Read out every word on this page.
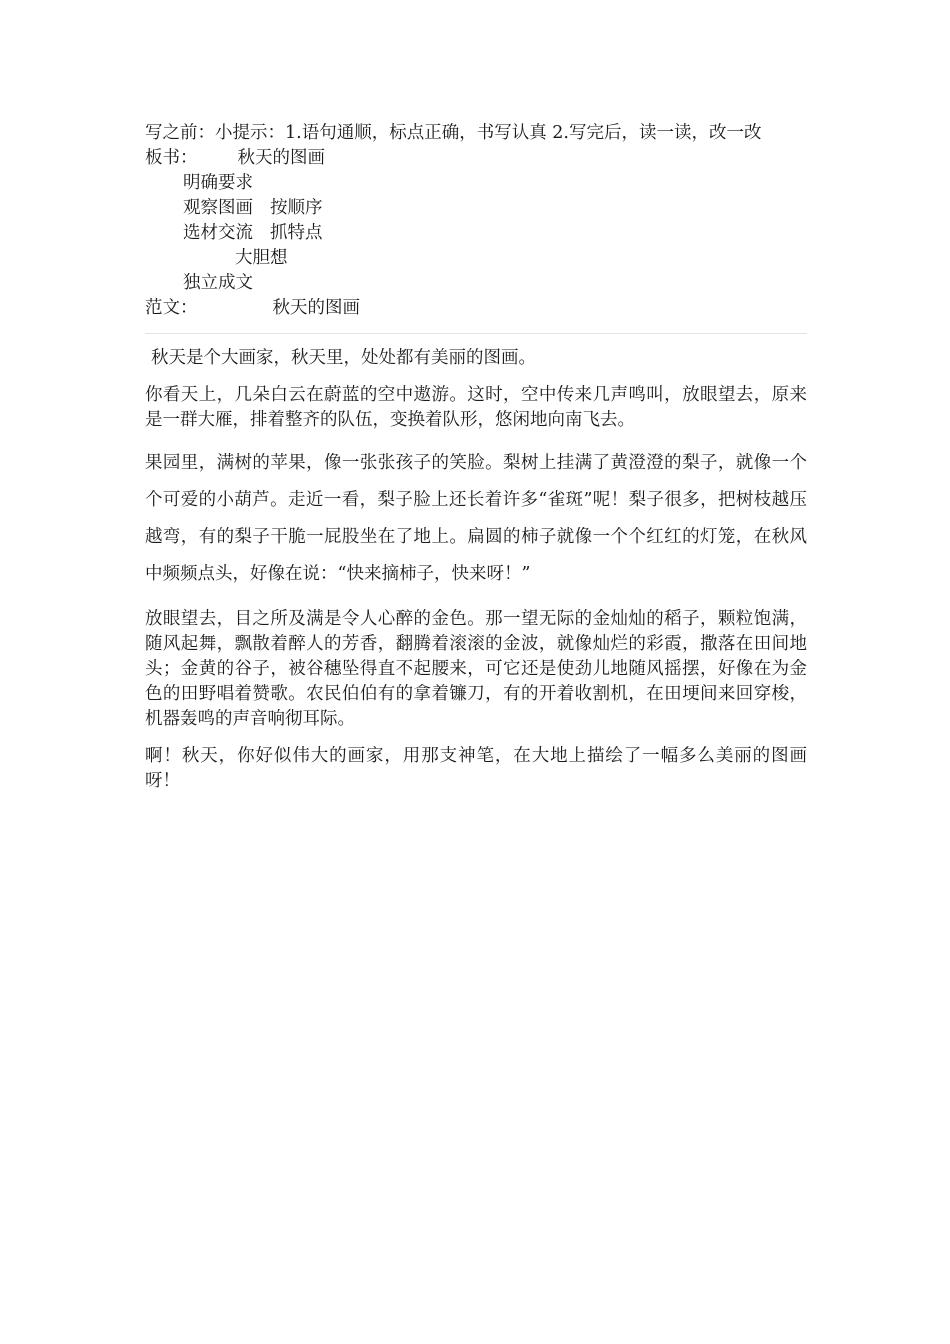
写之前：小提示：1.语句通顺，标点正确，书写认真 2.写完后，读一读，改一改
板书： 秋天的图画
明确要求
观察图画 按顺序
选材交流 抓特点
大胆想
独立成文
范文：	秋天的图画

秋天是个大画家，秋天里，处处都有美丽的图画。

你看天上，几朵白云在蔚蓝的空中遨游。这时，空中传来几声鸣叫，放眼望去，原来是一群大雁，排着整齐的队伍，变换着队形，悠闲地向南飞去。

果园里，满树的苹果，像一张张孩子的笑脸。梨树上挂满了黄澄澄的梨子，就像一个个可爱的小葫芦。走近一看，梨子脸上还长着许多“雀斑”呢！梨子很多，把树枝越压越弯，有的梨子干脆一屁股坐在了地上。扁圆的柿子就像一个个红红的灯笼，在秋风中频频点头，好像在说：“快来摘柿子，快来呀！”

放眼望去，目之所及满是令人心醉的金色。那一望无际的金灿灿的稻子，颗粒饱满，随风起舞，飘散着醉人的芳香，翻腾着滚滚的金波，就像灿烂的彩霞，撒落在田间地头；金黄的谷子，被谷穗坠得直不起腰来，可它还是使劲儿地随风摇摆，好像在为金色的田野唱着赞歌。农民伯伯有的拿着镰刀，有的开着收割机，在田埂间来回穿梭，机器轰鸣的声音响彻耳际。

啊！秋天，你好似伟大的画家，用那支神笔，在大地上描绘了一幅多么美丽的图画呀！
